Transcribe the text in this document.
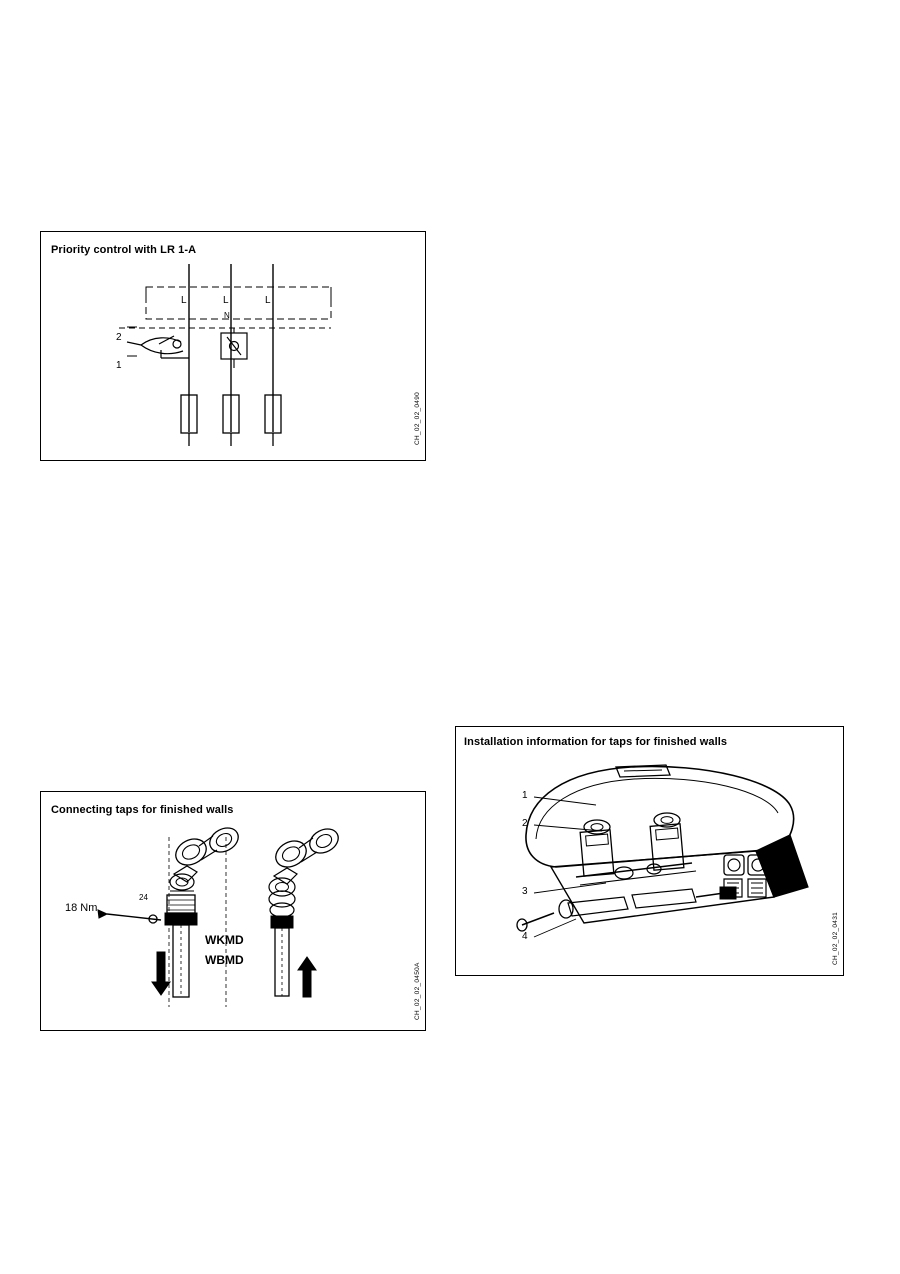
Priority control with LR 1-A
L	L	L
N
2
1
CH_02_02_0490
Connecting taps for finished walls
18 Nm
24
WKMD
WBMD
CH_02_02_0450A
Installation information for taps for finished walls
1
2
3
4	CH_02_02_0431
